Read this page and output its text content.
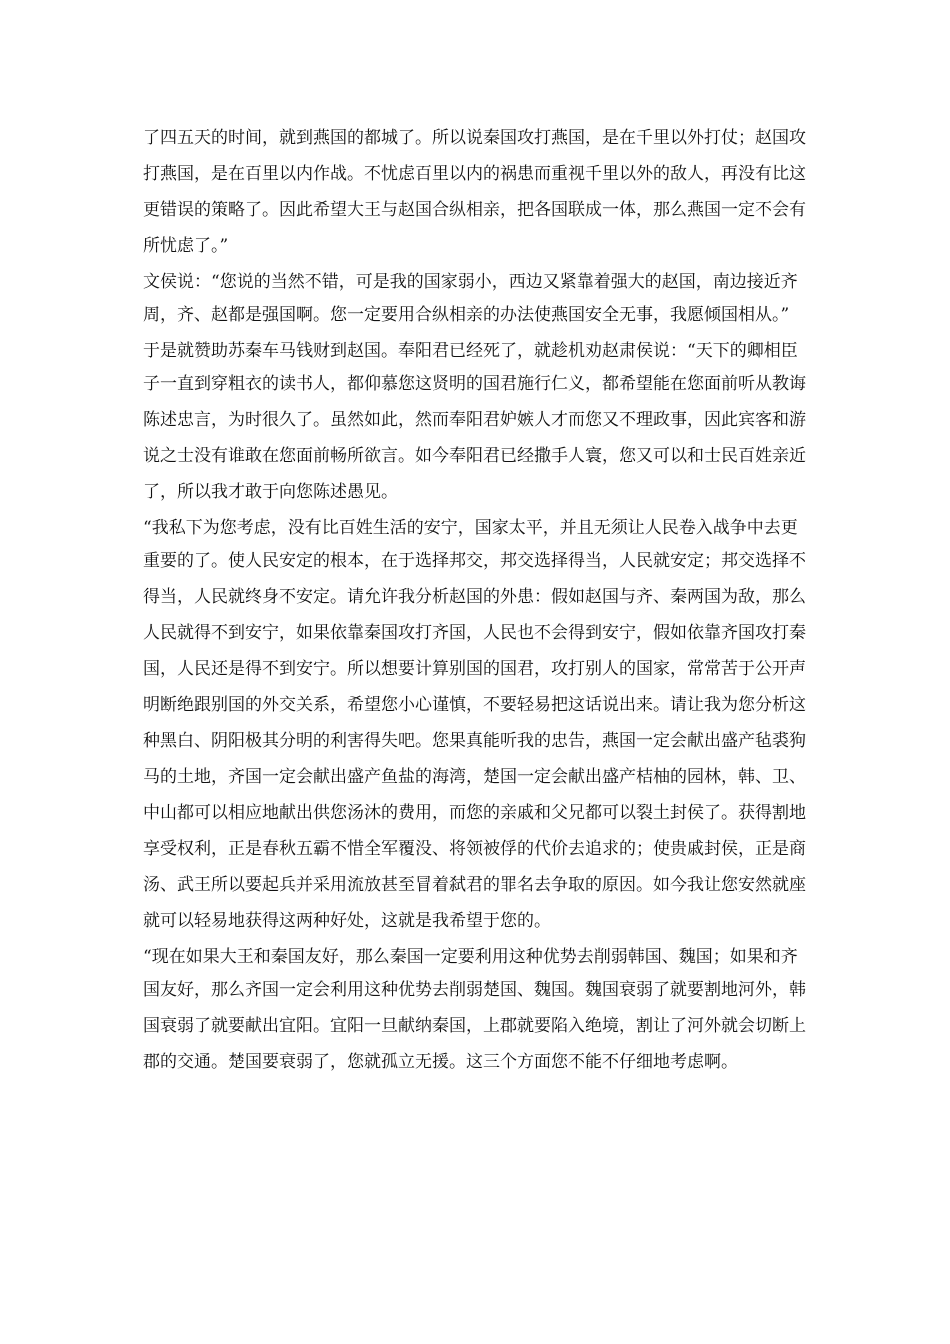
了四五天的时间，就到燕国的都城了。所以说秦国攻打燕国，是在千里以外打仗；赵国攻
打燕国，是在百里以内作战。不忧虑百里以内的祸患而重视千里以外的敌人，再没有比这
更错误的策略了。因此希望大王与赵国合纵相亲，把各国联成一体，那么燕国一定不会有
所忧虑了。”
文侯说：“您说的当然不错，可是我的国家弱小，西边又紧靠着强大的赵国，南边接近齐
周，齐、赵都是强国啊。您一定要用合纵相亲的办法使燕国安全无事，我愿倾国相从。”
于是就赞助苏秦车马钱财到赵国。奉阳君已经死了，就趁机劝赵肃侯说：“天下的卿相臣
子一直到穿粗衣的读书人，都仰慕您这贤明的国君施行仁义，都希望能在您面前听从教诲
陈述忠言，为时很久了。虽然如此，然而奉阳君妒嫉人才而您又不理政事，因此宾客和游
说之士没有谁敢在您面前畅所欲言。如今奉阳君已经撒手人寰，您又可以和士民百姓亲近
了，所以我才敢于向您陈述愚见。
“我私下为您考虑，没有比百姓生活的安宁，国家太平，并且无须让人民卷入战争中去更
重要的了。使人民安定的根本，在于选择邦交，邦交选择得当，人民就安定；邦交选择不
得当，人民就终身不安定。请允许我分析赵国的外患：假如赵国与齐、秦两国为敌，那么
人民就得不到安宁，如果依靠秦国攻打齐国，人民也不会得到安宁，假如依靠齐国攻打秦
国，人民还是得不到安宁。所以想要计算别国的国君，攻打别人的国家，常常苦于公开声
明断绝跟别国的外交关系，希望您小心谨慎，不要轻易把这话说出来。请让我为您分析这
种黑白、阴阳极其分明的利害得失吧。您果真能听我的忠告，燕国一定会献出盛产毡裘狗
马的土地，齐国一定会献出盛产鱼盐的海湾，楚国一定会献出盛产桔柚的园林，韩、卫、
中山都可以相应地献出供您汤沐的费用，而您的亲戚和父兄都可以裂土封侯了。获得割地
享受权利，正是春秋五霸不惜全军覆没、将领被俘的代价去追求的；使贵戚封侯，正是商
汤、武王所以要起兵并采用流放甚至冒着弑君的罪名去争取的原因。如今我让您安然就座
就可以轻易地获得这两种好处，这就是我希望于您的。
“现在如果大王和秦国友好，那么秦国一定要利用这种优势去削弱韩国、魏国；如果和齐
国友好，那么齐国一定会利用这种优势去削弱楚国、魏国。魏国衰弱了就要割地河外，韩
国衰弱了就要献出宜阳。宜阳一旦献纳秦国，上郡就要陷入绝境，割让了河外就会切断上
郡的交通。楚国要衰弱了，您就孤立无援。这三个方面您不能不仔细地考虑啊。
